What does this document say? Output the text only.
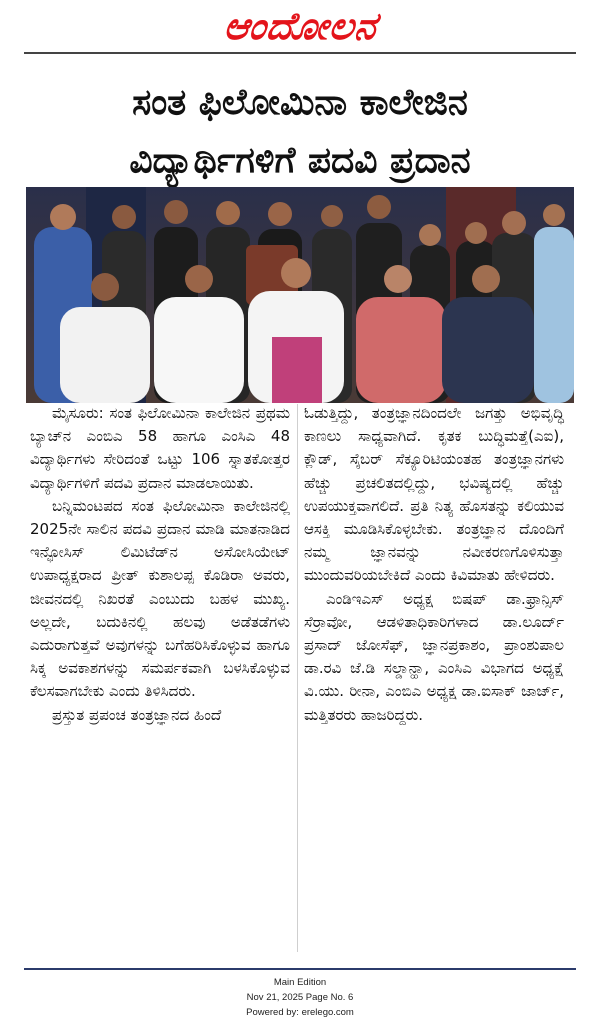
ಆಂದೋಲನ
ಸಂತ ಫಿಲೋಮಿನಾ ಕಾಲೇಜಿನ
ವಿದ್ಯಾರ್ಥಿಗಳಿಗೆ ಪದವಿ ಪ್ರದಾನ

ಮೈಸೂರು: ಸಂತ ಫಿಲೋಮಿನಾ ಕಾಲೇಜಿನ ಪ್ರಥಮ ಬ್ಯಾಚ್‌ನ ಎಂಬಿಎ 58 ಹಾಗೂ ಎಂಸಿಎ 48 ವಿದ್ಯಾರ್ಥಿಗಳು ಸೇರಿದಂತೆ ಒಟ್ಟು 106 ಸ್ನಾತಕೋತ್ತರ ವಿದ್ಯಾರ್ಥಿಗಳಿಗೆ ಪದವಿ ಪ್ರದಾನ ಮಾಡಲಾಯಿತು.

ಬನ್ನಿಮಂಟಪದ ಸಂತ ಫಿಲೋಮಿನಾ ಕಾಲೇಜಿನಲ್ಲಿ 2025ನೇ ಸಾಲಿನ ಪದವಿ ಪ್ರದಾನ ಮಾಡಿ ಮಾತನಾಡಿದ ಇನ್ಫೋಸಿಸ್ ಲಿಮಿಟೆಡ್‌ನ ಅಸೋಸಿಯೇಟ್ ಉಪಾಧ್ಯಕ್ಷರಾದ ಪ್ರೀತ್ ಕುಶಾಲಪ್ಪ ಕೊಡಿರಾ ಅವರು, ಜೀವನದಲ್ಲಿ ನಿಖರತೆ ಎಂಬುದು ಬಹಳ ಮುಖ್ಯ. ಅಲ್ಲದೇ, ಬದುಕಿನಲ್ಲಿ ಹಲವು ಅಡೆತಡೆಗಳು ಎದುರಾಗುತ್ತವೆ ಅವುಗಳನ್ನು ಬಗೆಹರಿಸಿಕೊಳ್ಳುವ ಹಾಗೂ ಸಿಕ್ಕ ಅವಕಾಶಗಳನ್ನು ಸಮರ್ಪಕವಾಗಿ ಬಳಸಿಕೊಳ್ಳುವ ಕೆಲಸವಾಗಬೇಕು ಎಂದು ತಿಳಿಸಿದರು.

ಪ್ರಸ್ತುತ ಪ್ರಪಂಚ ತಂತ್ರಜ್ಞಾನದ ಹಿಂದೆ

ಓಡುತ್ತಿದ್ದು, ತಂತ್ರಜ್ಞಾನದಿಂದಲೇ ಜಗತ್ತು ಅಭಿವೃದ್ಧಿ ಕಾಣಲು ಸಾಧ್ಯವಾಗಿದೆ. ಕೃತಕ ಬುದ್ಧಿಮತ್ತೆ(ಎಐ), ಕ್ಲೌಡ್, ಸೈಬರ್ ಸೆಕ್ಯೂರಿಟಿಯಂತಹ ತಂತ್ರಜ್ಞಾನಗಳು ಹೆಚ್ಚು ಪ್ರಚಲಿತದಲ್ಲಿದ್ದು, ಭವಿಷ್ಯದಲ್ಲಿ ಹೆಚ್ಚು ಉಪಯುಕ್ತವಾಗಲಿದೆ. ಪ್ರತಿ ನಿತ್ಯ ಹೊಸತನ್ನು ಕಲಿಯುವ ಆಸಕ್ತಿ ಮೂಡಿಸಿಕೊಳ್ಳಬೇಕು. ತಂತ್ರಜ್ಞಾನ ದೊಂದಿಗೆ ನಮ್ಮ ಜ್ಞಾನವನ್ನು ನವೀಕರಣಗೊಳಿಸುತ್ತಾ ಮುಂದುವರಿಯಬೇಕಿದೆ ಎಂದು ಕಿವಿಮಾತು ಹೇಳಿದರು.

ಎಂಡಿಇಎಸ್ ಅಧ್ಯಕ್ಷ ಬಿಷಪ್ ಡಾ.ಫ್ರಾನ್ಸಿಸ್ ಸೆರ್ರಾವೋ, ಆಡಳಿತಾಧಿಕಾರಿಗಳಾದ ಡಾ.ಲೂರ್ದ್ ಪ್ರಸಾದ್ ಜೋಸೆಫ್, ಜ್ಞಾನಪ್ರಕಾಶಂ, ಪ್ರಾಂಶುಪಾಲ ಡಾ.ರವಿ ಜೆ.ಡಿ ಸಲ್ಡಾನ್ಹಾ, ಎಂಸಿಎ ವಿಭಾಗದ ಅಧ್ಯಕ್ಷೆ ವಿ.ಯು. ರೀನಾ, ಎಂಬಿಎ ಅಧ್ಯಕ್ಷ ಡಾ.ಐಸಾಕ್ ಜಾರ್ಜ್, ಮತ್ತಿತರರು ಹಾಜರಿದ್ದರು.

Main Edition
Nov 21, 2025 Page No. 6
Powered by: erelego.com
